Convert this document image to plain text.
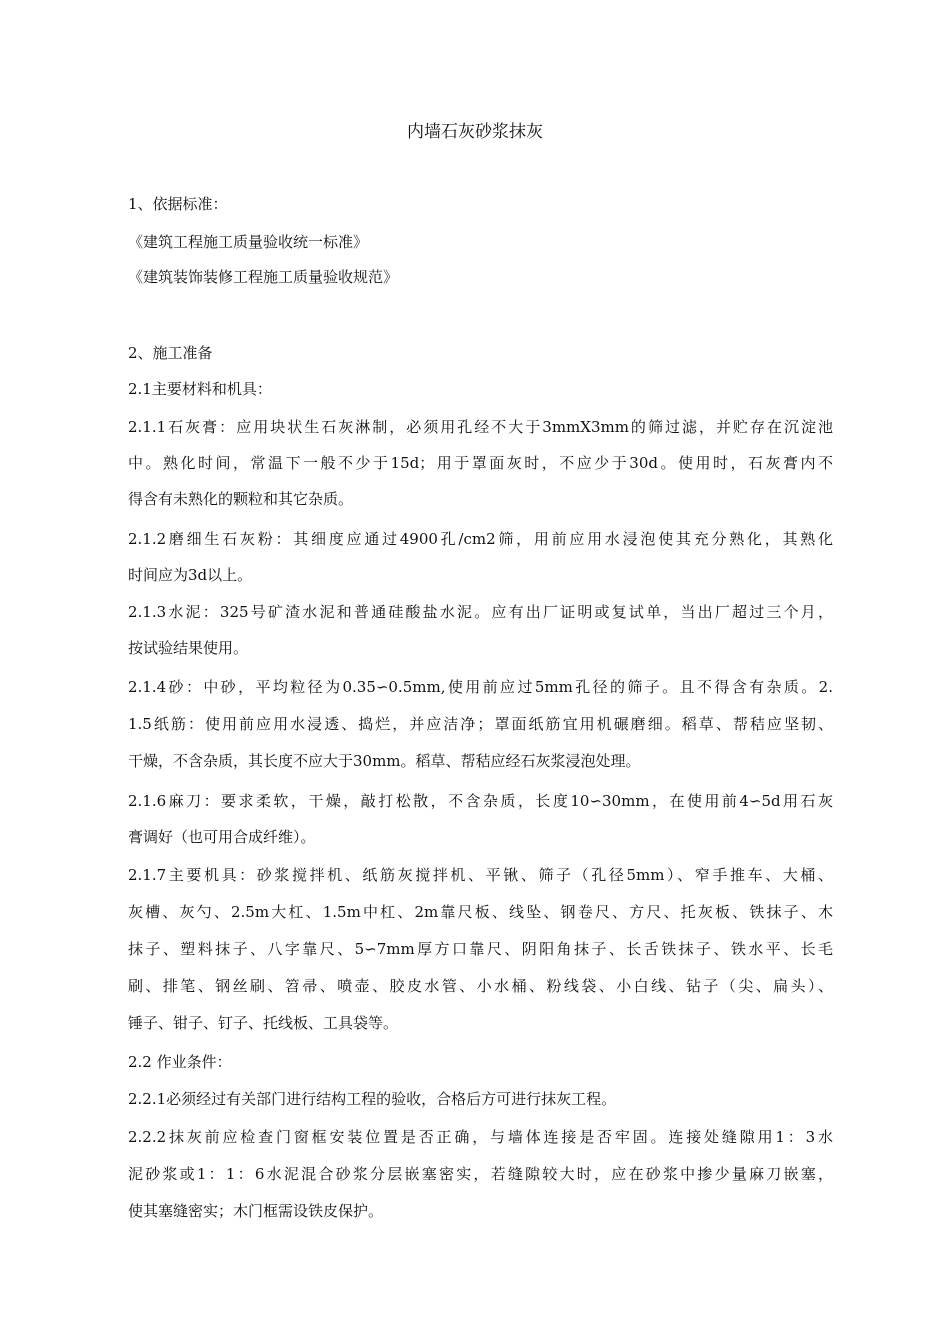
内墙石灰砂浆抹灰
1、依据标准：
《建筑工程施工质量验收统一标准》
《建筑装饰装修工程施工质量验收规范》
2、施工准备
2.1主要材料和机具：
2.1.1石灰膏：应用块状生石灰淋制，必须用孔经不大于3mmX3mm的筛过滤，并贮存在沉淀池
中。熟化时间，常温下一般不少于15d；用于罩面灰时，不应少于30d。使用时，石灰膏内不
得含有未熟化的颗粒和其它杂质。
2.1.2磨细生石灰粉：其细度应通过4900孔/cm2筛，用前应用水浸泡使其充分熟化，其熟化
时间应为3d以上。
2.1.3水泥：325号矿渣水泥和普通硅酸盐水泥。应有出厂证明或复试单，当出厂超过三个月，
按试验结果使用。
2.1.4砂：中砂，平均粒径为0.35∽0.5mm,使用前应过5mm孔径的筛子。且不得含有杂质。2.
1.5纸筋：使用前应用水浸透、捣烂，并应洁净；罩面纸筋宜用机碾磨细。稻草、帮秸应坚韧、
干燥，不含杂质，其长度不应大于30mm。稻草、帮秸应经石灰浆浸泡处理。
2.1.6麻刀：要求柔软，干燥，敲打松散，不含杂质，长度10∽30mm，在使用前4∽5d用石灰
膏调好（也可用合成纤维）。
2.1.7主要机具：砂浆搅拌机、纸筋灰搅拌机、平锹、筛子（孔径5mm）、窄手推车、大桶、
灰槽、灰勺、2.5m大杠、1.5m中杠、2m靠尺板、线坠、钢卷尺、方尺、托灰板、铁抹子、木
抹子、塑料抹子、八字靠尺、5∽7mm厚方口靠尺、阴阳角抹子、长舌铁抹子、铁水平、长毛
刷、排笔、钢丝刷、笤帚、喷壶、胶皮水管、小水桶、粉线袋、小白线、钻子（尖、扁头）、
锤子、钳子、钉子、托线板、工具袋等。
2.2 作业条件：
2.2.1必须经过有关部门进行结构工程的验收，合格后方可进行抹灰工程。
2.2.2抹灰前应检查门窗框安装位置是否正确，与墙体连接是否牢固。连接处缝隙用1：3水
泥砂浆或1：1：6水泥混合砂浆分层嵌塞密实，若缝隙较大时，应在砂浆中掺少量麻刀嵌塞，
使其塞缝密实；木门框需设铁皮保护。
